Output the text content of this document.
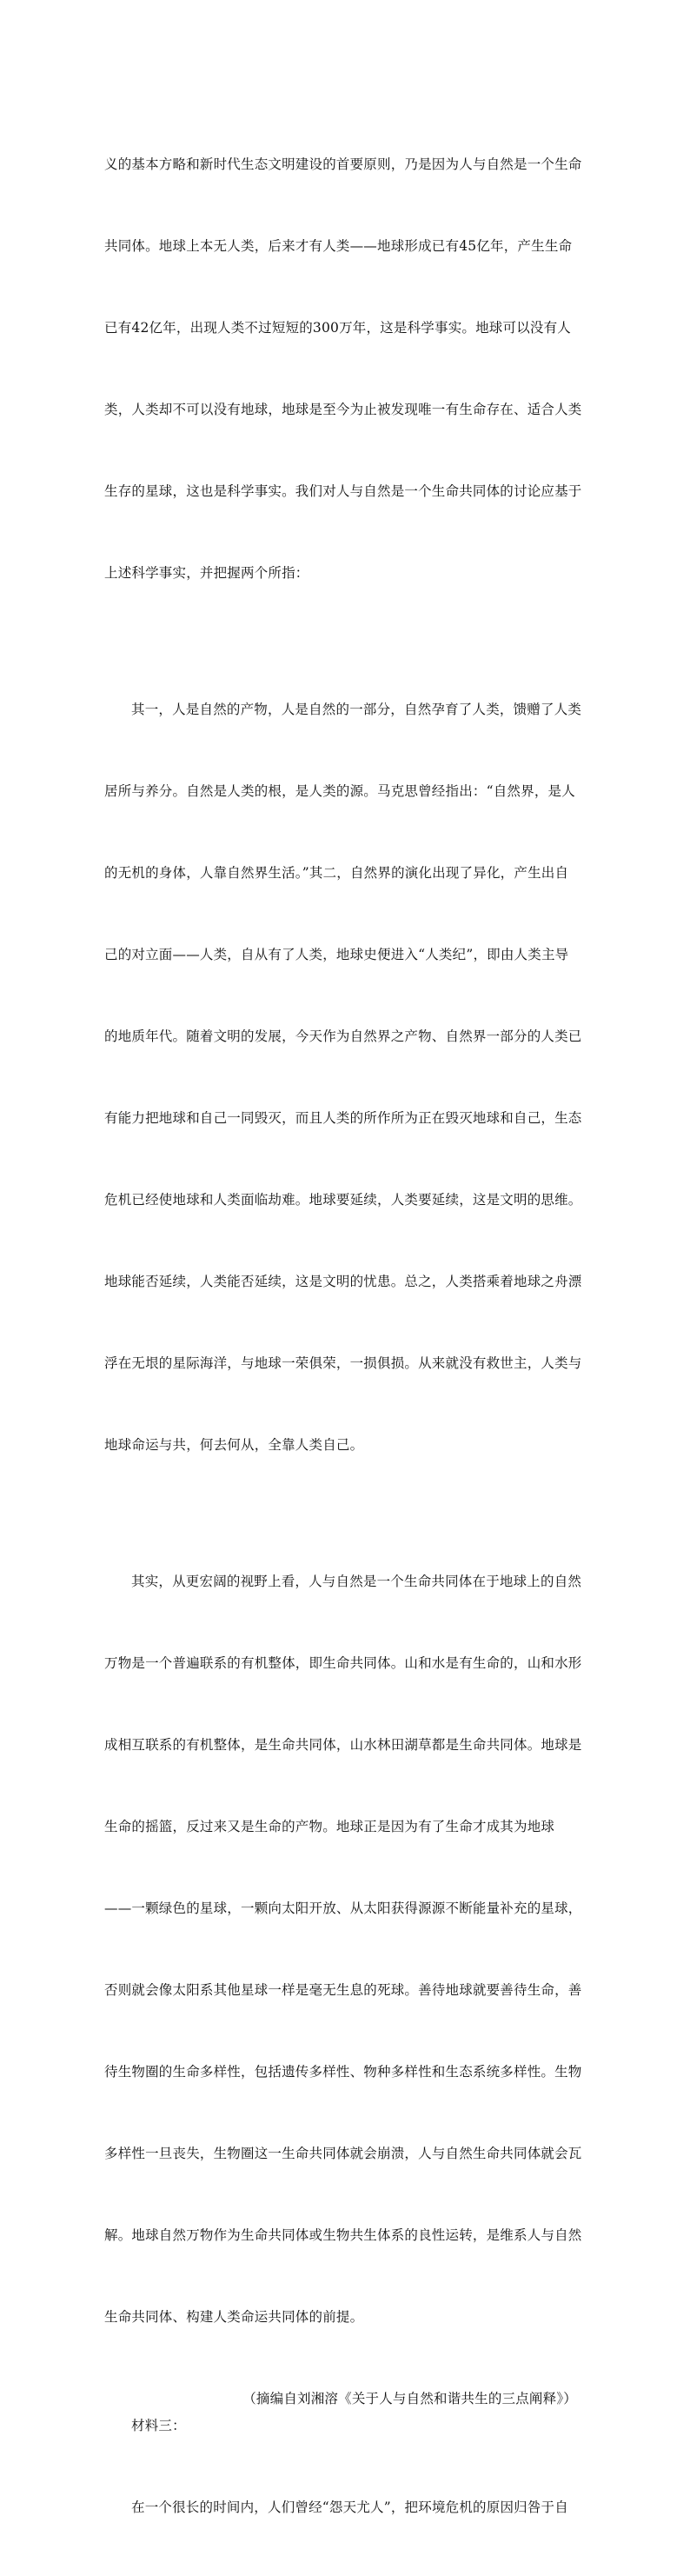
义的基本方略和新时代生态文明建设的首要原则，乃是因为人与自然是一个生命

共同体。地球上本无人类，后来才有人类——地球形成已有45亿年，产生生命

已有42亿年，出现人类不过短短的300万年，这是科学事实。地球可以没有人

类，人类却不可以没有地球，地球是至今为止被发现唯一有生命存在、适合人类

生存的星球，这也是科学事实。我们对人与自然是一个生命共同体的讨论应基于

上述科学事实，并把握两个所指：

其一，人是自然的产物，人是自然的一部分，自然孕育了人类，馈赠了人类

居所与养分。自然是人类的根，是人类的源。马克思曾经指出：“自然界，是人

的无机的身体，人靠自然界生活。”其二，自然界的演化出现了异化，产生出自

己的对立面——人类，自从有了人类，地球史便进入“人类纪”，即由人类主导

的地质年代。随着文明的发展，今天作为自然界之产物、自然界一部分的人类已

有能力把地球和自己一同毁灭，而且人类的所作所为正在毁灭地球和自己，生态

危机已经使地球和人类面临劫难。地球要延续，人类要延续，这是文明的思维。

地球能否延续，人类能否延续，这是文明的忧患。总之，人类搭乘着地球之舟漂

浮在无垠的星际海洋，与地球一荣俱荣，一损俱损。从来就没有救世主，人类与

地球命运与共，何去何从，全靠人类自己。

其实，从更宏阔的视野上看，人与自然是一个生命共同体在于地球上的自然

万物是一个普遍联系的有机整体，即生命共同体。山和水是有生命的，山和水形

成相互联系的有机整体，是生命共同体，山水林田湖草都是生命共同体。地球是

生命的摇篮，反过来又是生命的产物。地球正是因为有了生命才成其为地球

——一颗绿色的星球，一颗向太阳开放、从太阳获得源源不断能量补充的星球，

否则就会像太阳系其他星球一样是毫无生息的死球。善待地球就要善待生命，善

待生物圈的生命多样性，包括遗传多样性、物种多样性和生态系统多样性。生物

多样性一旦丧失，生物圈这一生命共同体就会崩溃，人与自然生命共同体就会瓦

解。地球自然万物作为生命共同体或生物共生体系的良性运转，是维系人与自然

生命共同体、构建人类命运共同体的前提。

（摘编自刘湘溶《关于人与自然和谐共生的三点阐释》）
材料三：

在一个很长的时间内，人们曾经“怨天尤人”，把环境危机的原因归咎于自
